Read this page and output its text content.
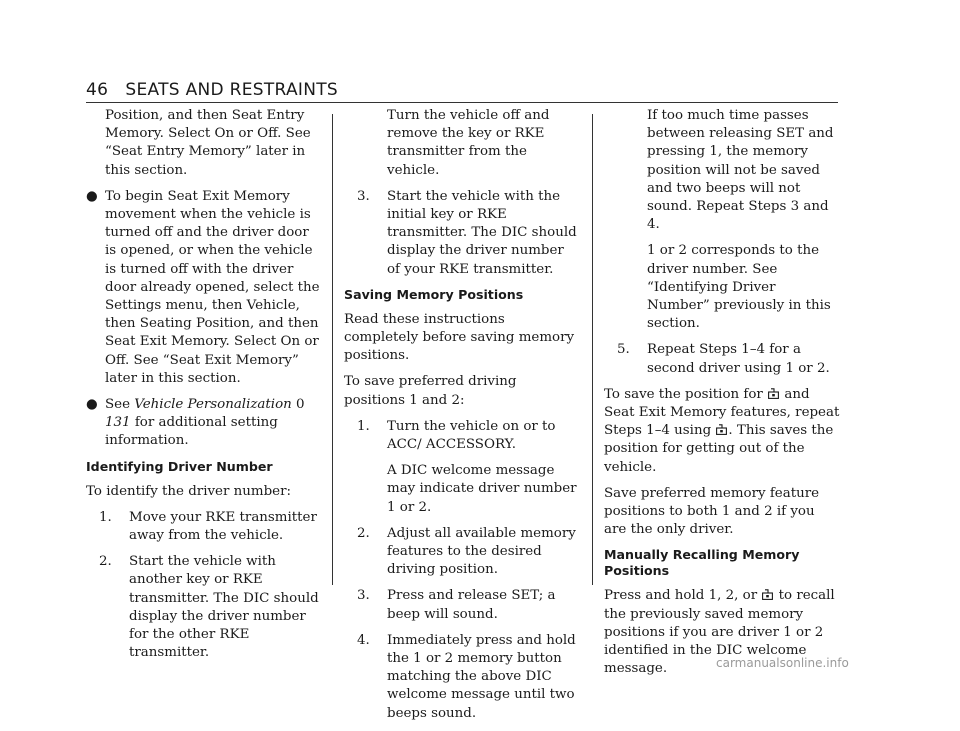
46 SEATS AND RESTRAINTS

Position, and then Seat Entry Memory. Select On or Off. See “Seat Entry Memory” later in this section.

● To begin Seat Exit Memory movement when the vehicle is turned off and the driver door is opened, or when the vehicle is turned off with the driver door already opened, select the Settings menu, then Vehicle, then Seating Position, and then Seat Exit Memory. Select On or Off. See “Seat Exit Memory” later in this section.
● See Vehicle Personalization 0 131 for additional setting information.
Identifying Driver Number

To identify the driver number:

1. Move your RKE transmitter away from the vehicle.
2. Start the vehicle with another key or RKE transmitter. The DIC should display the driver number for the other RKE transmitter.

Turn the vehicle off and remove the key or RKE transmitter from the vehicle.

3. Start the vehicle with the initial key or RKE transmitter. The DIC should display the driver number of your RKE transmitter.
Saving Memory Positions

Read these instructions completely before saving memory positions.

To save preferred driving positions 1 and 2:

1. Turn the vehicle on or to ACC/ ACCESSORY.

A DIC welcome message may indicate driver number 1 or 2.

2. Adjust all available memory features to the desired driving position.
3. Press and release SET; a beep will sound.
4. Immediately press and hold the 1 or 2 memory button matching the above DIC welcome message until two beeps sound.

If too much time passes between releasing SET and pressing 1, the memory position will not be saved and two beeps will not sound. Repeat Steps 3 and 4.

1 or 2 corresponds to the driver number. See “Identifying Driver Number” previously in this section.

5. Repeat Steps 1–4 for a second driver using 1 or 2.

To save the position for and Seat Exit Memory features, repeat Steps 1–4 using . This saves the position for getting out of the vehicle.

Save preferred memory feature positions to both 1 and 2 if you are the only driver.

Manually Recalling Memory Positions

Press and hold 1, 2, or to recall the previously saved memory positions if you are driver 1 or 2 identified in the DIC welcome message.	carmanualsonline.info
